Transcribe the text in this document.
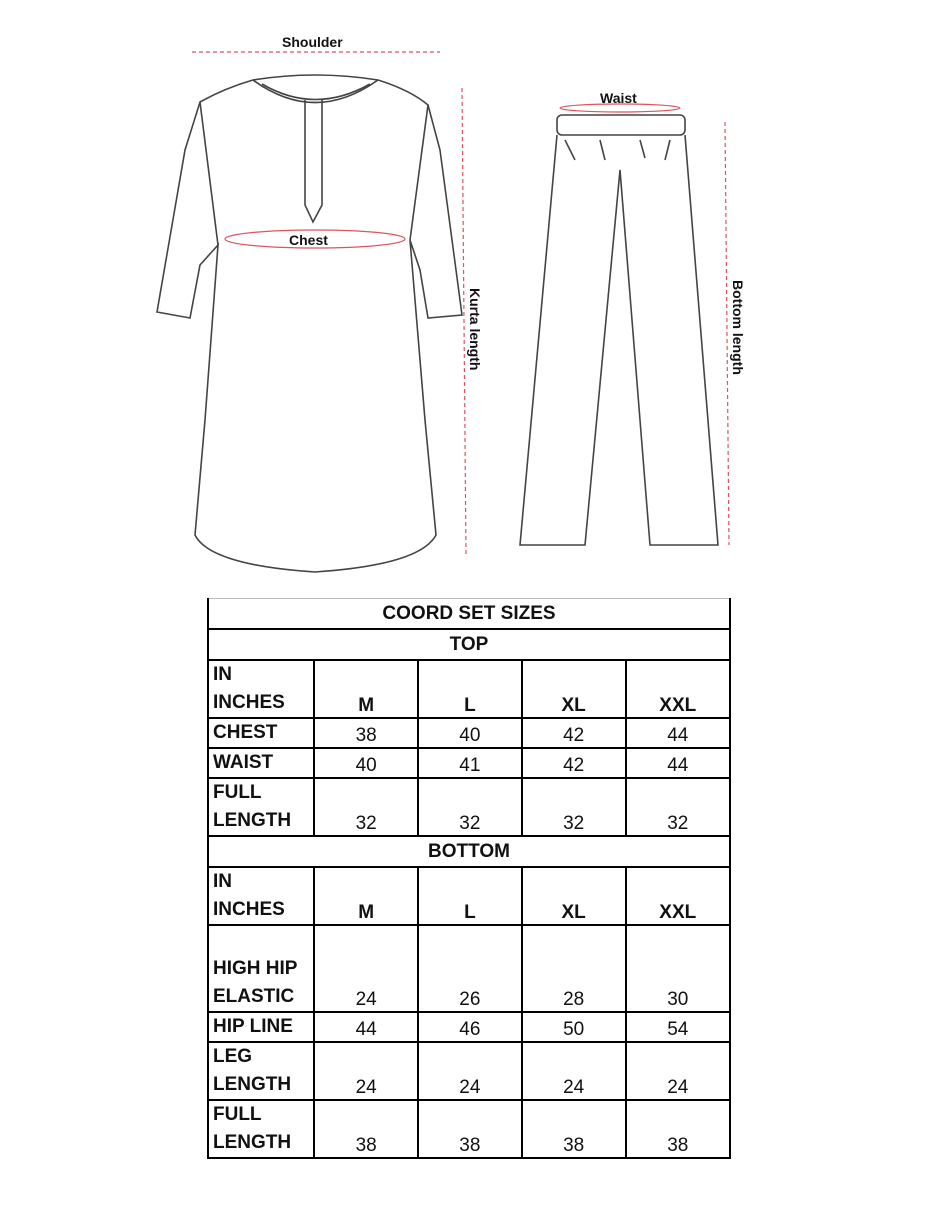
Shoulder
Chest
Kurta length
Waist
Bottom length
COORD SET SIZES				
TOP				

IN
INCHES	M	L	XL	XXL
CHEST	38	40	42	44
WAIST	40	41	42	44

FULL
LENGTH	32	32	32	32
BOTTOM				

IN
INCHES	M	L	XL	XXL

HIGH HIP
ELASTIC	24	26	28	30
HIP LINE	44	46	50	54

LEG
LENGTH	24	24	24	24

FULL
LENGTH	38	38	38	38
